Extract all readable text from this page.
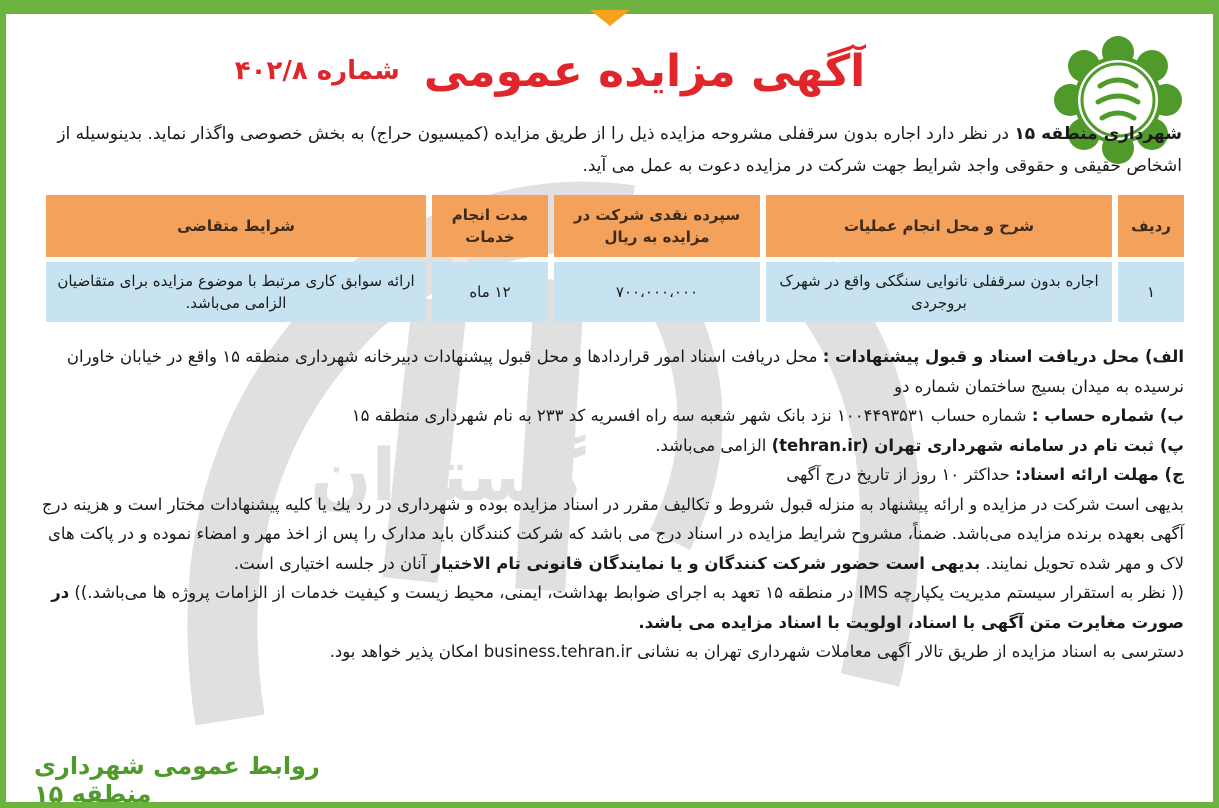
گستران
آگهی مزایده عمومی
شماره ۴۰۲/۸
شهرداری منطقه ۱۵ در نظر دارد اجاره بدون سرقفلی مشروحه مزایده ذیل را از طریق مزایده (کمیسیون حراج) به بخش خصوصی واگذار نماید. بدینوسیله از اشخاص حقیقی و حقوقی واجد شرایط جهت شرکت در مزایده دعوت به عمل می آید.
ردیف	شرح و محل انجام عملیات	سپرده نقدی شرکت در مزایده به ریال	مدت انجام خدمات	شرایط متقاضی
۱	اجاره بدون سرقفلی نانوایی سنگکی واقع در شهرک بروجردی	۷۰۰،۰۰۰،۰۰۰	۱۲ ماه	ارائه سوابق کاری مرتبط با موضوع مزایده برای متقاضیان الزامی می‌باشد.

الف) محل دریافت اسناد و قبول پیشنهادات : محل دریافت اسناد امور قراردادها و محل قبول پیشنهادات دبیرخانه شهرداری منطقه ۱۵ واقع در خیابان خاوران نرسیده به میدان بسیج ساختمان شماره دو

ب) شماره حساب : شماره حساب ۱۰۰۴۴۹۳۵۳۱ نزد بانک شهر شعبه سه راه افسریه کد ۲۳۳ به نام شهرداری منطقه ۱۵

پ) ثبت نام در سامانه شهرداری تهران (tehran.ir) الزامی می‌باشد.

ج) مهلت ارائه اسناد: حداکثر ۱۰ روز از تاریخ درج آگهی

بدیهی است شرکت در مزایده و ارائه پیشنهاد به منزله قبول شروط و تکالیف مقرر در اسناد مزایده بوده و شهرداری در رد یك یا کلیه پیشنهادات مختار است و هزینه درج آگهی بعهده برنده مزایده می‌باشد. ضمناً، مشروح شرایط مزایده در اسناد درج می باشد که شرکت کنندگان باید مدارک را پس از اخذ مهر و امضاء نموده و در پاکت های لاک و مهر شده تحویل نمایند. بدیهی است حضور شرکت کنندگان و یا نمایندگان قانونی تام الاختیار آنان در جلسه اختیاری است.

(( نظر به استقرار سیستم مدیریت یکپارچه IMS در منطقه ۱۵ تعهد به اجرای ضوابط بهداشت، ایمنی، محیط زیست و کیفیت خدمات از الزامات پروژه ها می‌باشد.)) در صورت مغایرت متن آگهی با اسناد، اولویت با اسناد مزایده می باشد.

دسترسی به اسناد مزایده از طریق تالار آگهی معاملات شهرداری تهران به نشانی business.tehran.ir امکان پذیر خواهد بود.

روابط عمومی شهرداری منطقه ۱۵
